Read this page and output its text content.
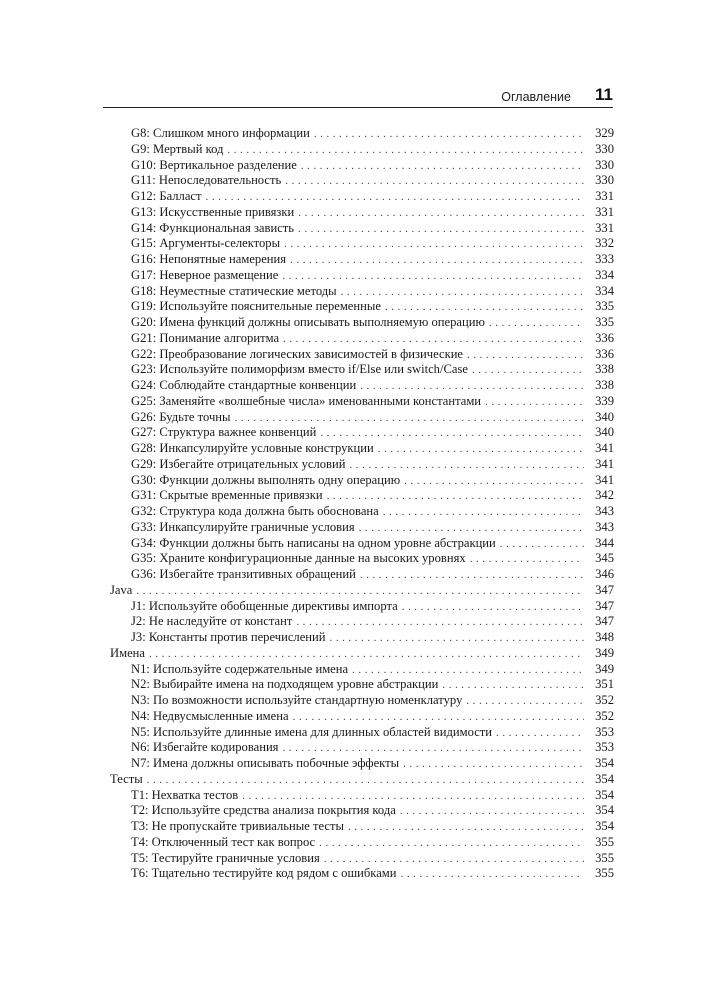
Оглавление 11
G8: Слишком много информации . . .	329
G9: Мертвый код . . .	330
G10: Вертикальное разделение . . .	330
G11: Непоследовательность . . .	330
G12: Балласт . . .	331
G13: Искусственные привязки . . .	331
G14: Функциональная зависть . . .	331
G15: Аргументы-селекторы . . .	332
G16: Непонятные намерения . . .	333
G17: Неверное размещение . . .	334
G18: Неуместные статические методы . . .	334
G19: Используйте пояснительные переменные . . .	335
G20: Имена функций должны описывать выполняемую операцию . . .	335
G21: Понимание алгоритма . . .	336
G22: Преобразование логических зависимостей в физические . . .	336
G23: Используйте полиморфизм вместо if/Else или switch/Case . . .	338
G24: Соблюдайте стандартные конвенции . . .	338
G25: Заменяйте «волшебные числа» именованными константами . . .	339
G26: Будьте точны . . .	340
G27: Структура важнее конвенций . . .	340
G28: Инкапсулируйте условные конструкции . . .	341
G29: Избегайте отрицательных условий . . .	341
G30: Функции должны выполнять одну операцию . . .	341
G31: Скрытые временные привязки . . .	342
G32: Структура кода должна быть обоснована . . .	343
G33: Инкапсулируйте граничные условия . . .	343
G34: Функции должны быть написаны на одном уровне абстракции . . .	344
G35: Храните конфигурационные данные на высоких уровнях . . .	345
G36: Избегайте транзитивных обращений . . .	346
Java . . .	347
J1: Используйте обобщенные директивы импорта . . .	347
J2: Не наследуйте от констант . . .	347
J3: Константы против перечислений . . .	348
Имена . . .	349
N1: Используйте содержательные имена . . .	349
N2: Выбирайте имена на подходящем уровне абстракции . . .	351
N3: По возможности используйте стандартную номенклатуру . . .	352
N4: Недвусмысленные имена . . .	352
N5: Используйте длинные имена для длинных областей видимости . . .	353
N6: Избегайте кодирования . . .	353
N7: Имена должны описывать побочные эффекты . . .	354
Тесты . . .	354
T1: Нехватка тестов . . .	354
T2: Используйте средства анализа покрытия кода . . .	354
T3: Не пропускайте тривиальные тесты . . .	354
T4: Отключенный тест как вопрос . . .	355
T5: Тестируйте граничные условия . . .	355
T6: Тщательно тестируйте код рядом с ошибками . . .	355
